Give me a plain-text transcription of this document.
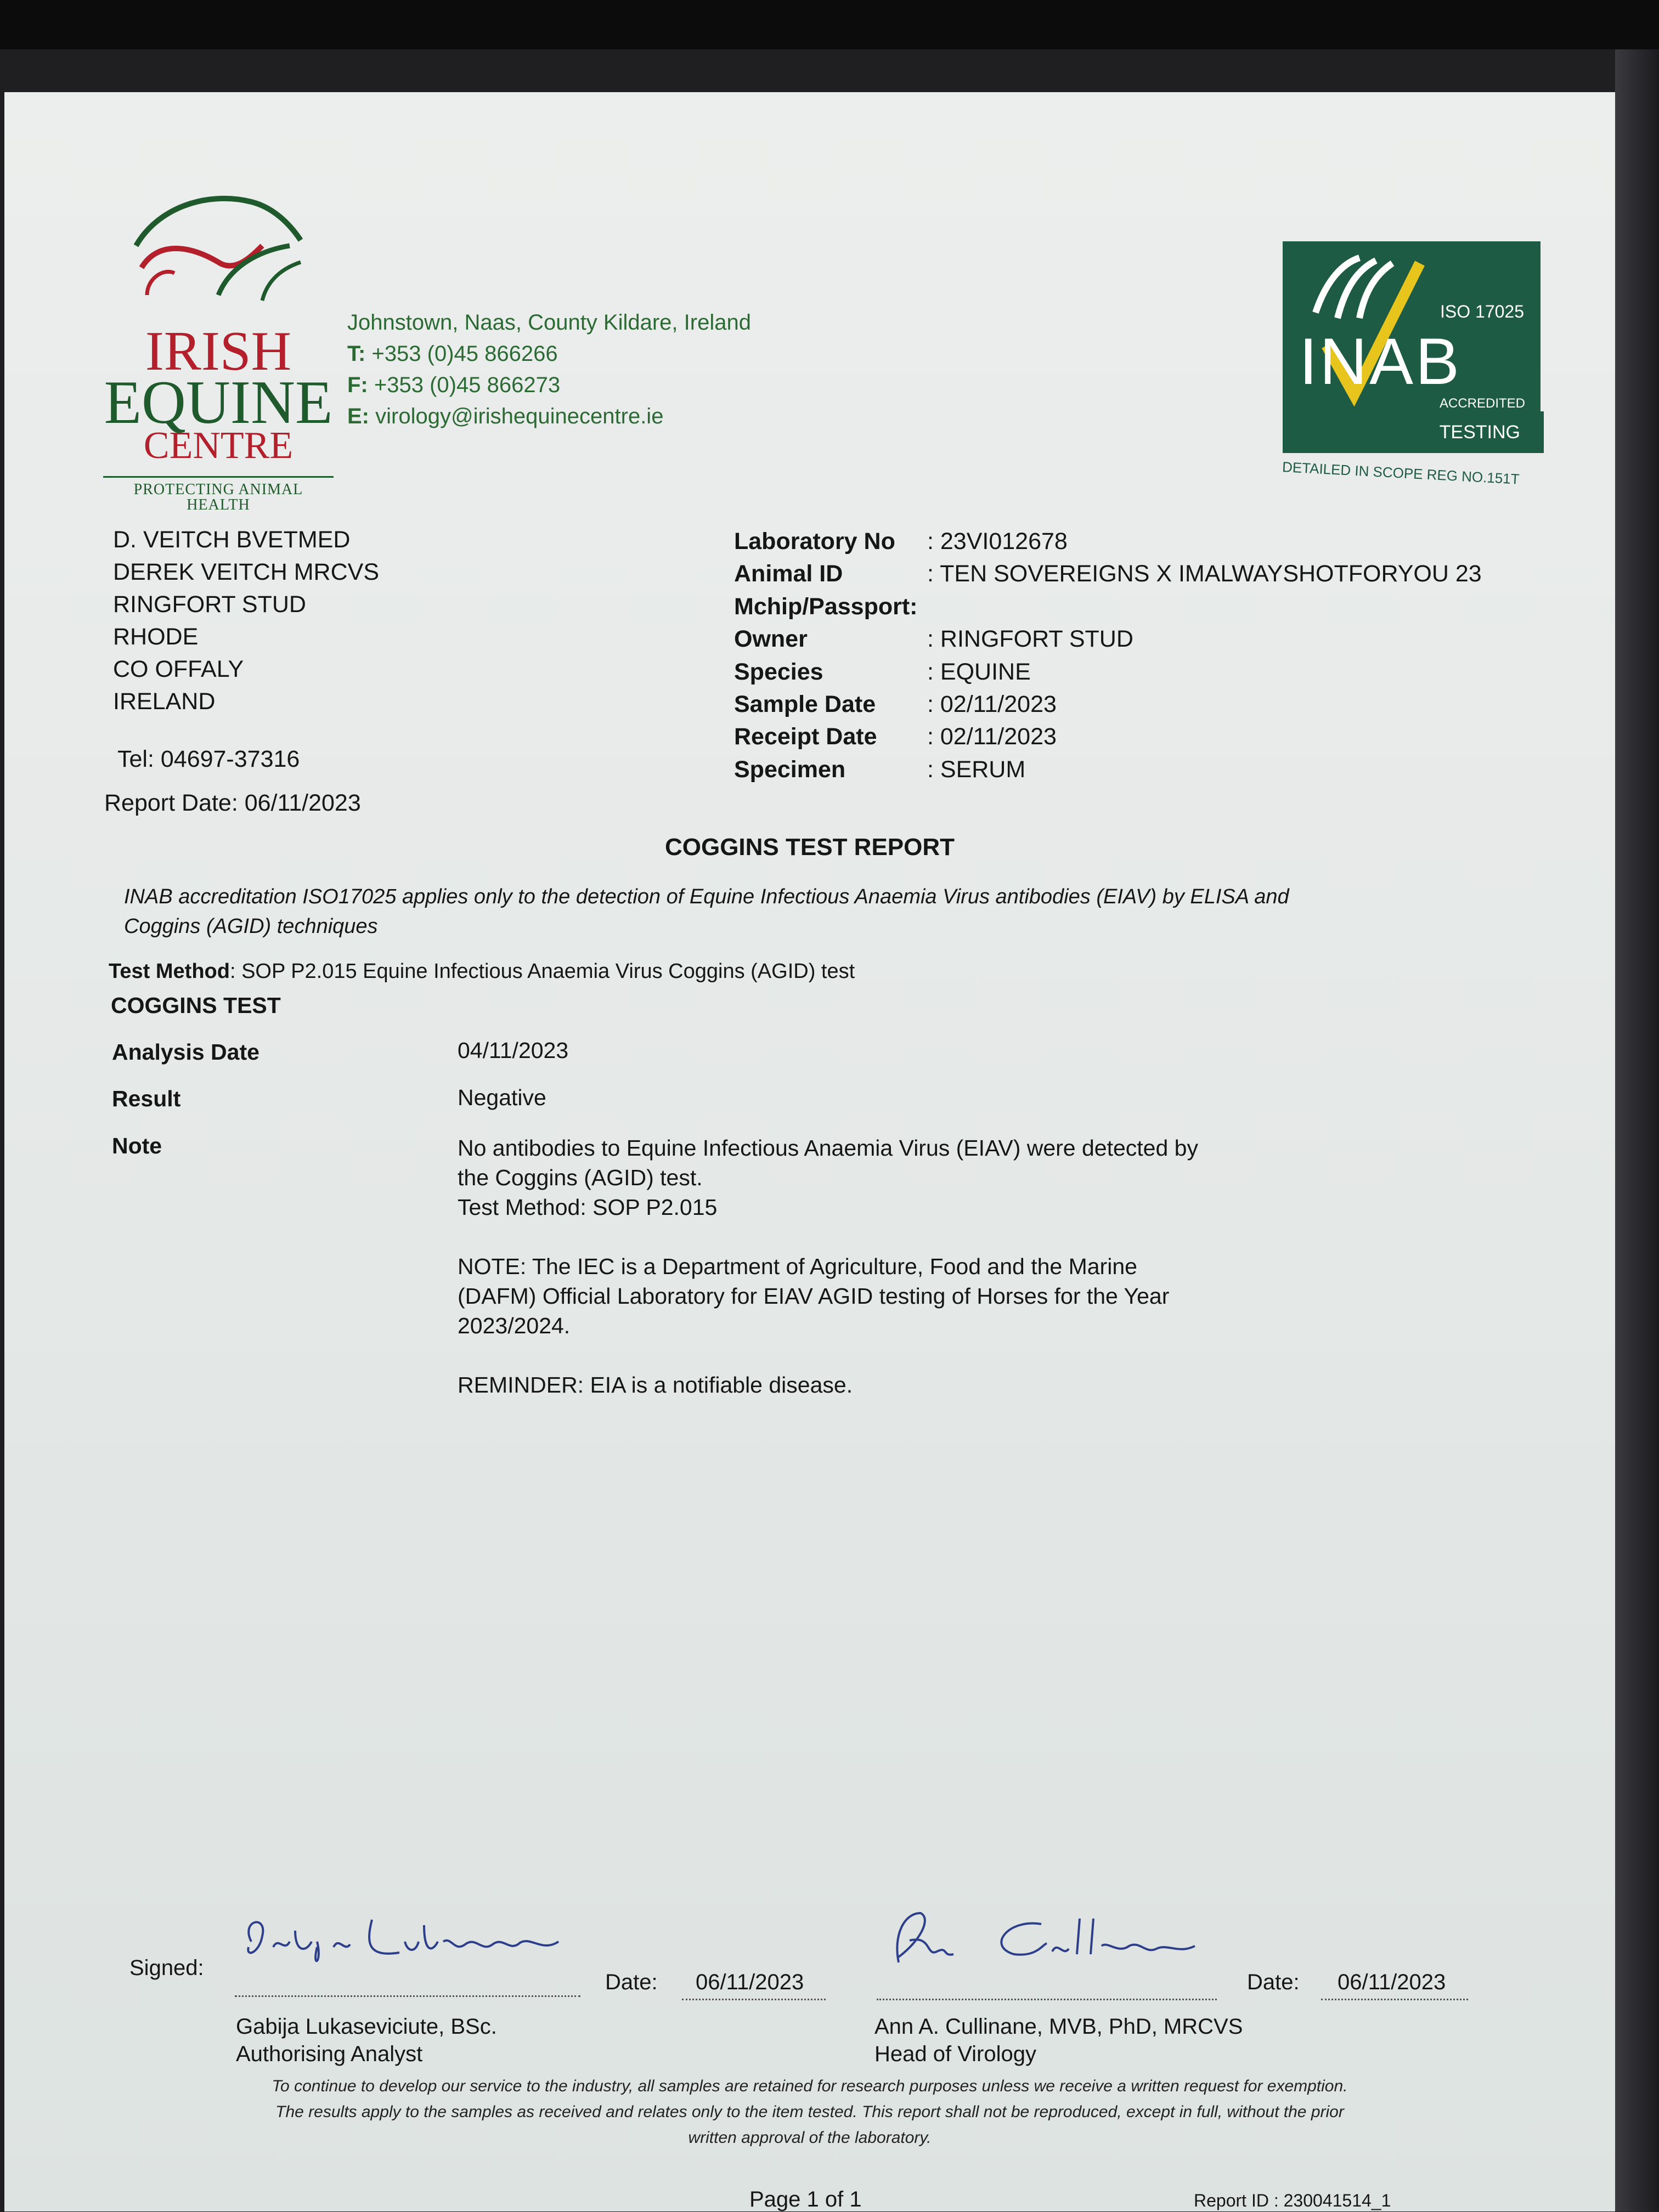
IRISH
EQUINE
CENTRE
PROTECTING ANIMAL HEALTH
Johnstown, Naas, County Kildare, Ireland
T: +353 (0)45 866266
F: +353 (0)45 866273
E: virology@irishequinecentre.ie
ISO 17025
INAB
ACCREDITED
TESTING
DETAILED IN SCOPE REG NO.151T
D. VEITCH BVETMED
DEREK VEITCH MRCVS
RINGFORT STUD
RHODE
CO OFFALY
IRELAND
Tel: 04697-37316
Report Date: 06/11/2023
Laboratory No	: 23VI012678
Animal ID	: TEN SOVEREIGNS X IMALWAYSHOTFORYOU 23
Mchip/Passport:
Owner	: RINGFORT STUD
Species	: EQUINE
Sample Date	: 02/11/2023
Receipt Date	: 02/11/2023
Specimen	: SERUM
COGGINS TEST REPORT
INAB accreditation ISO17025 applies only to the detection of Equine Infectious Anaemia Virus antibodies (EIAV) by ELISA and
Coggins (AGID) techniques
Test Method: SOP P2.015 Equine Infectious Anaemia Virus Coggins (AGID) test
COGGINS TEST
Analysis Date	04/11/2023
Result	Negative
Note	No antibodies to Equine Infectious Anaemia Virus (EIAV) were detected by
the Coggins (AGID) test.
Test Method: SOP P2.015
NOTE: The IEC is a Department of Agriculture, Food and the Marine
(DAFM) Official Laboratory for EIAV AGID testing of Horses for the Year
2023/2024.
REMINDER: EIA is a notifiable disease.
Signed:
Date: 06/11/2023
Gabija Lukaseviciute, BSc.
Authorising Analyst
Date: 06/11/2023
Ann A. Cullinane, MVB, PhD, MRCVS
Head of Virology
To continue to develop our service to the industry, all samples are retained for research purposes unless we receive a written request for exemption.
The results apply to the samples as received and relates only to the item tested. This report shall not be reproduced, except in full, without the prior
written approval of the laboratory.
Page 1 of 1	Report ID : 230041514_1
